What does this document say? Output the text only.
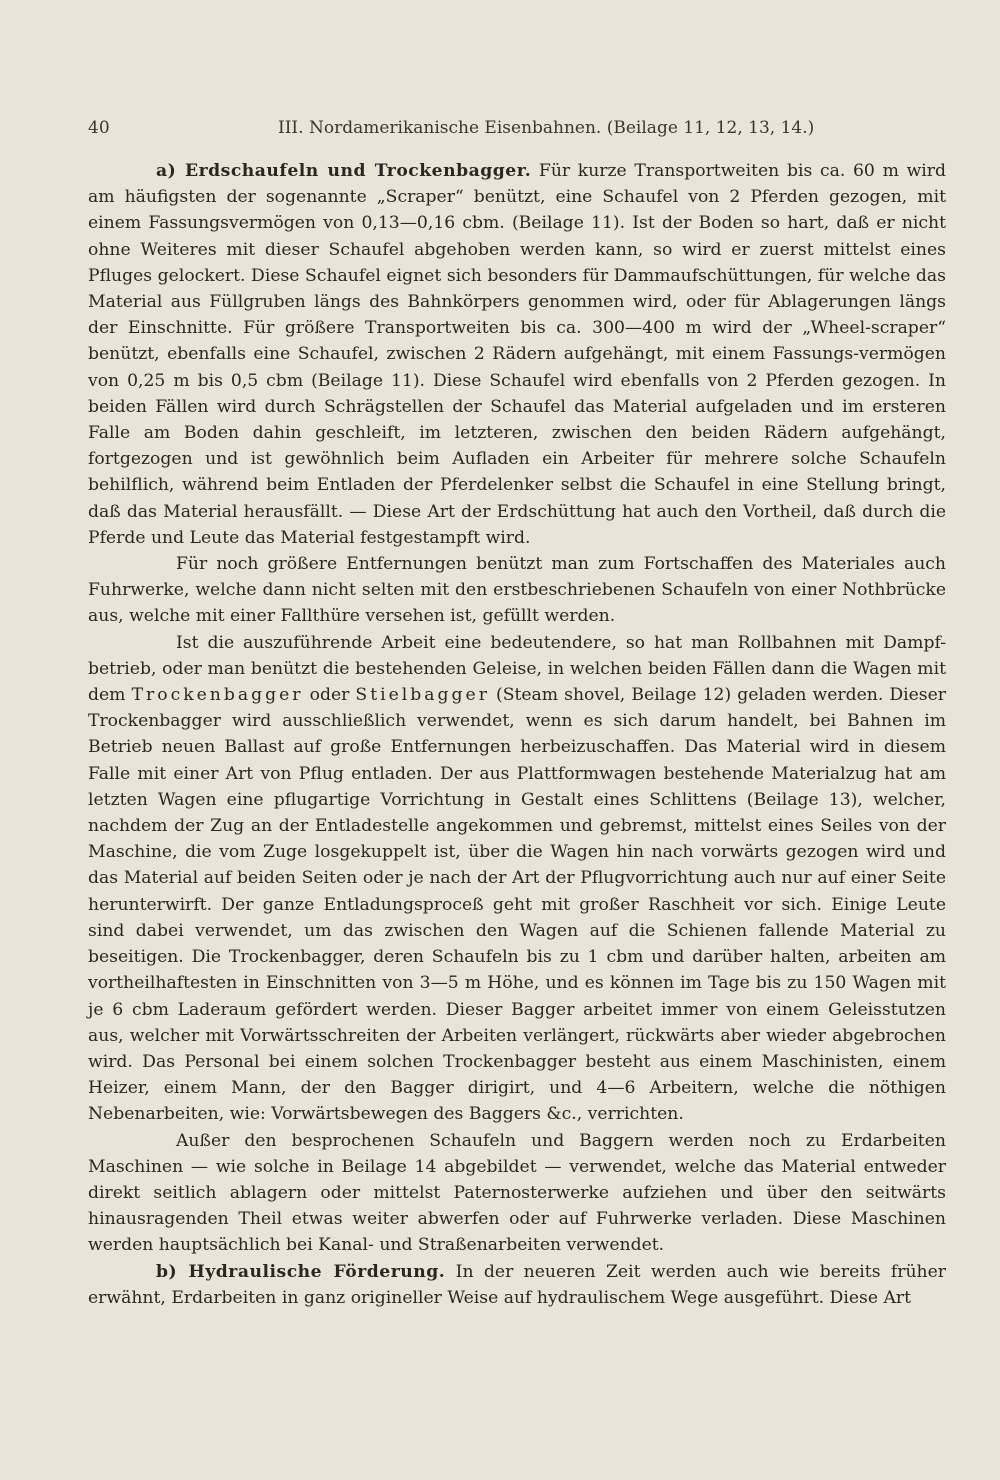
40	III. Nordamerikanische Eisenbahnen. (Beilage 11, 12, 13, 14.)

a) Erdschaufeln und Trockenbagger. Für kurze Transportweiten bis ca. 60 m wird am häufigsten der sogenannte „Scraper“ benützt, eine Schaufel von 2 Pferden gezogen, mit einem Fassungsvermögen von 0,13—0,16 cbm. (Beilage 11). Ist der Boden so hart, daß er nicht ohne Weiteres mit dieser Schaufel abgehoben werden kann, so wird er zuerst mittelst eines Pfluges gelockert. Diese Schaufel eignet sich besonders für Dammaufschüttungen, für welche das Material aus Füllgruben längs des Bahnkörpers genommen wird, oder für Ablagerungen längs der Einschnitte. Für größere Transportweiten bis ca. 300—400 m wird der „Wheel-scraper“ benützt, ebenfalls eine Schaufel, zwischen 2 Rädern aufgehängt, mit einem Fassungs-vermögen von 0,25 m bis 0,5 cbm (Beilage 11). Diese Schaufel wird ebenfalls von 2 Pferden gezogen. In beiden Fällen wird durch Schrägstellen der Schaufel das Material aufgeladen und im ersteren Falle am Boden dahin geschleift, im letzteren, zwischen den beiden Rädern aufgehängt, fortgezogen und ist gewöhnlich beim Aufladen ein Arbeiter für mehrere solche Schaufeln behilflich, während beim Entladen der Pferdelenker selbst die Schaufel in eine Stellung bringt, daß das Material herausfällt. — Diese Art der Erdschüttung hat auch den Vortheil, daß durch die Pferde und Leute das Material festgestampft wird.

Für noch größere Entfernungen benützt man zum Fortschaffen des Materiales auch Fuhrwerke, welche dann nicht selten mit den erstbeschriebenen Schaufeln von einer Nothbrücke aus, welche mit einer Fallthüre versehen ist, gefüllt werden.

Ist die auszuführende Arbeit eine bedeutendere, so hat man Rollbahnen mit Dampf-betrieb, oder man benützt die bestehenden Geleise, in welchen beiden Fällen dann die Wagen mit dem Trockenbagger oder Stielbagger (Steam shovel, Beilage 12) geladen werden. Dieser Trockenbagger wird ausschließlich verwendet, wenn es sich darum handelt, bei Bahnen im Betrieb neuen Ballast auf große Entfernungen herbeizuschaffen. Das Material wird in diesem Falle mit einer Art von Pflug entladen. Der aus Plattformwagen bestehende Materialzug hat am letzten Wagen eine pflugartige Vorrichtung in Gestalt eines Schlittens (Beilage 13), welcher, nachdem der Zug an der Entladestelle angekommen und gebremst, mittelst eines Seiles von der Maschine, die vom Zuge losgekuppelt ist, über die Wagen hin nach vorwärts gezogen wird und das Material auf beiden Seiten oder je nach der Art der Pflugvorrichtung auch nur auf einer Seite herunterwirft. Der ganze Entladungsproceß geht mit großer Raschheit vor sich. Einige Leute sind dabei verwendet, um das zwischen den Wagen auf die Schienen fallende Material zu beseitigen. Die Trockenbagger, deren Schaufeln bis zu 1 cbm und darüber halten, arbeiten am vortheilhaftesten in Einschnitten von 3—5 m Höhe, und es können im Tage bis zu 150 Wagen mit je 6 cbm Laderaum gefördert werden. Dieser Bagger arbeitet immer von einem Geleisstutzen aus, welcher mit Vorwärtsschreiten der Arbeiten verlängert, rückwärts aber wieder abgebrochen wird. Das Personal bei einem solchen Trockenbagger besteht aus einem Maschinisten, einem Heizer, einem Mann, der den Bagger dirigirt, und 4—6 Arbeitern, welche die nöthigen Nebenarbeiten, wie: Vorwärtsbewegen des Baggers &c., verrichten.

Außer den besprochenen Schaufeln und Baggern werden noch zu Erdarbeiten Maschinen — wie solche in Beilage 14 abgebildet — verwendet, welche das Material entweder direkt seitlich ablagern oder mittelst Paternosterwerke aufziehen und über den seitwärts hinausragenden Theil etwas weiter abwerfen oder auf Fuhrwerke verladen. Diese Maschinen werden hauptsächlich bei Kanal- und Straßenarbeiten verwendet.

b) Hydraulische Förderung. In der neueren Zeit werden auch wie bereits früher erwähnt, Erdarbeiten in ganz origineller Weise auf hydraulischem Wege ausgeführt. Diese Art
